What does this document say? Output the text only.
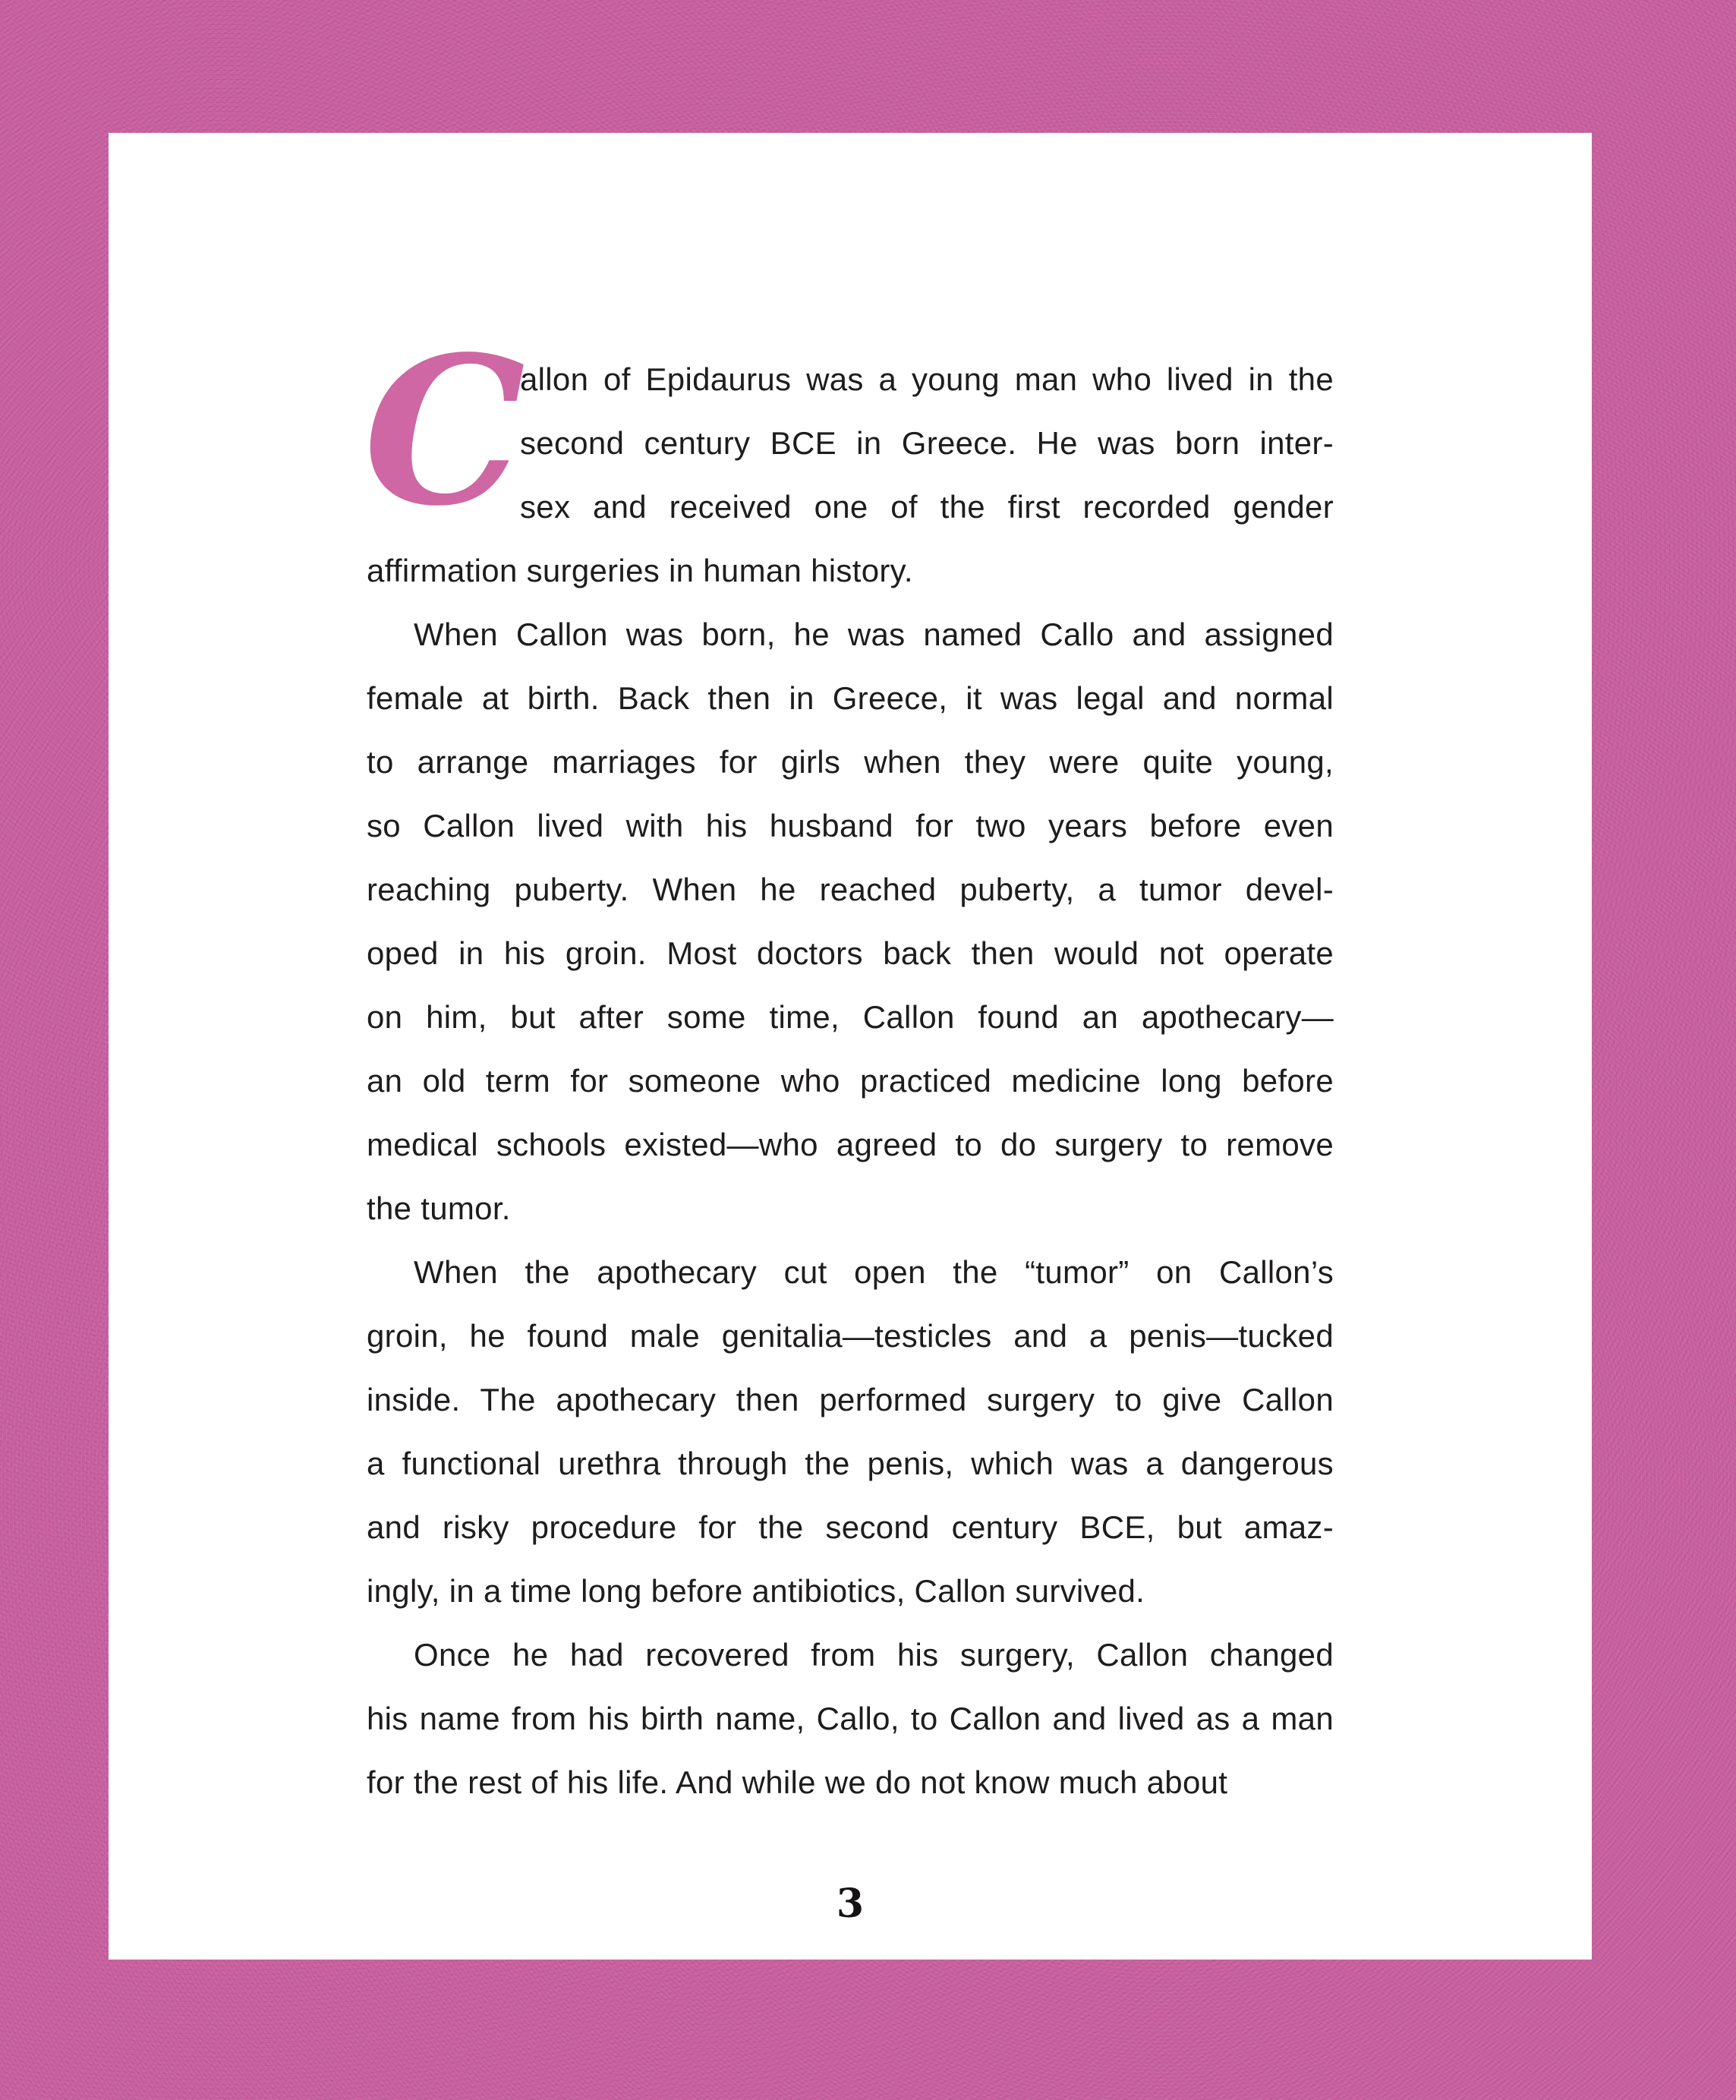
C
allon of Epidaurus was a young man who lived in the
second century BCE in Greece. He was born inter-
sex and received one of the first recorded gender
affirmation surgeries in human history.
When Callon was born, he was named Callo and assigned
female at birth. Back then in Greece, it was legal and normal
to arrange marriages for girls when they were quite young,
so Callon lived with his husband for two years before even
reaching puberty. When he reached puberty, a tumor devel-
oped in his groin. Most doctors back then would not operate
on him, but after some time, Callon found an apothecary—
an old term for someone who practiced medicine long before
medical schools existed—who agreed to do surgery to remove
the tumor.
When the apothecary cut open the “tumor” on Callon’s
groin, he found male genitalia—testicles and a penis—tucked
inside. The apothecary then performed surgery to give Callon
a functional urethra through the penis, which was a dangerous
and risky procedure for the second century BCE, but amaz-
ingly, in a time long before antibiotics, Callon survived.
Once he had recovered from his surgery, Callon changed
his name from his birth name, Callo, to Callon and lived as a man
for the rest of his life. And while we do not know much about
3
